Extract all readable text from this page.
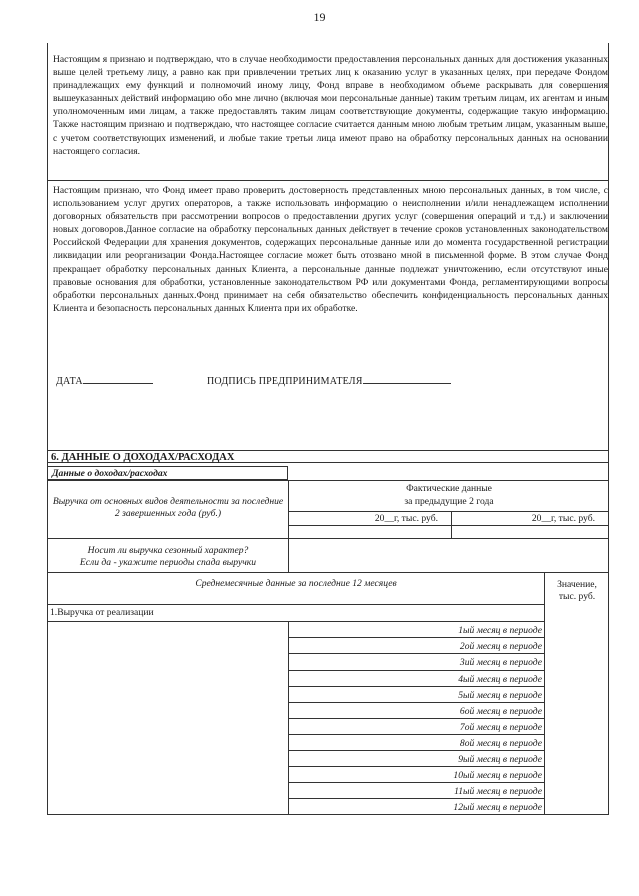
19

Настоящим я признаю и подтверждаю, что в случае необходимости предоставления персональных данных для достижения указанных выше целей третьему лицу, а равно как при привлечении третьих лиц к оказанию услуг в указанных целях, при передаче Фондом принадлежащих ему функций и полномочий иному лицу, Фонд вправе в необходимом объеме раскрывать для совершения вышеуказанных действий информацию обо мне лично (включая мои персональные данные) таким третьим лицам, их агентам и иным уполномоченным ими лицам, а также предоставлять таким лицам соответствующие документы, содержащие такую информацию. Также настоящим признаю и подтверждаю, что настоящее согласие считается данным мною любым третьим лицам, указанным выше, с учетом соответствующих изменений, и любые такие третьи лица имеют право на обработку персональных данных на основании настоящего согласия.

Настоящим признаю, что Фонд имеет право проверить достоверность представленных мною персональных данных, в том числе, с использованием услуг других операторов, а также использовать информацию о неисполнении и/или ненадлежащем исполнении договорных обязательств при рассмотрении вопросов о предоставлении других услуг (совершения операций и т.д.) и заключении новых договоров.Данное согласие на обработку персональных данных действует в течение сроков установленных законодательством Российской Федерации для хранения документов, содержащих персональные данные или до момента государственной регистрации ликвидации или реорганизации Фонда.Настоящее согласие может быть отозвано мной в письменной форме. В этом случае Фонд прекращает обработку персональных данных Клиента, а персональные данные подлежат уничтожению, если отсутствуют иные правовые основания для обработки, установленные законодательством РФ или документами Фонда, регламентирующими вопросы обработки персональных данных.Фонд принимает на себя обязательство обеспечить конфиденциальность персональных данных Клиента и безопасность персональных данных Клиента при их обработке.

ДАТА	ПОДПИСЬ ПРЕДПРИНИМАТЕЛЯ
6. ДАННЫЕ О ДОХОДАХ/РАСХОДАХ
Данные о доходах/расходах
Выручка от основных видов деятельности за последние 2 завершенных года (руб.)
Фактические данные
за предыдущие 2 года
20__г, тыс. руб.	20__г, тыс. руб.
Носит ли выручка сезонный характер?
Если да - укажите периоды спада выручки
Среднемесячные данные за последние 12 месяцев	Значение,
тыс. руб.
1.Выручка от реализации
1ый месяц в периоде
2ой месяц в периоде
3ий месяц в периоде
4ый месяц в периоде
5ый месяц в периоде
6ой месяц в периоде
7ой месяц в периоде
8ой месяц в периоде
9ый месяц в периоде
10ый месяц в периоде
11ый месяц в периоде
12ый месяц в периоде
